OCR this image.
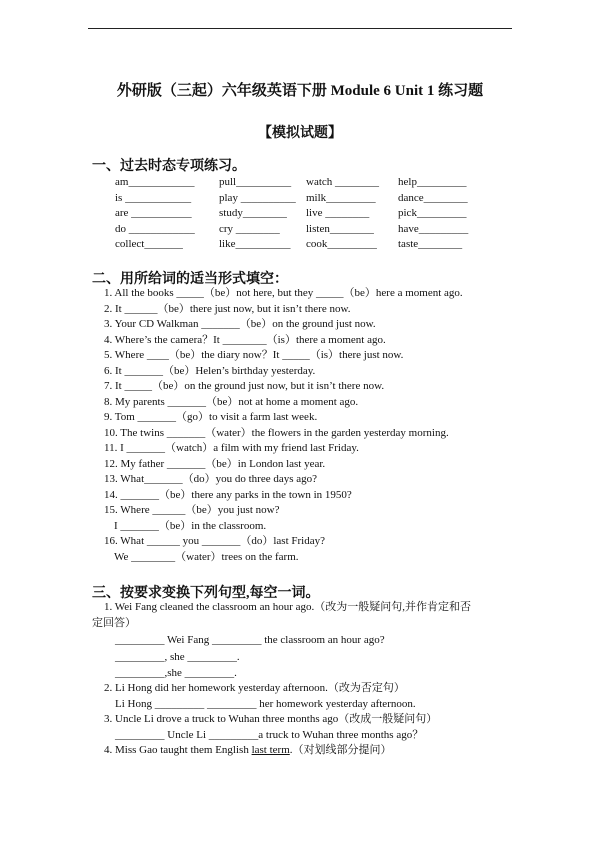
外研版（三起）六年级英语下册 Module 6 Unit 1 练习题
【模拟试题】
一、过去时态专项练习。
am____________ pull__________ watch ________ help_________
is ____________	play __________ milk_________ dance________
are ___________ study________ live ________	pick_________
do ____________ cry ________ listen________ have_________
collect_______	like__________ cook_________ taste________
二、用所给词的适当形式填空：
1. All the books _____（be）not here, but they _____（be）here a moment ago.
2. It ______（be）there just now, but it isn’t there now.
3. Your CD Walkman _______（be）on the ground just now.
4. Where’s the camera？It ________（is）there a moment ago.
5. Where ____（be）the diary now？It _____（is）there just now.
6. It _______（be）Helen’s birthday yesterday.
7. It _____（be）on the ground just now, but it isn’t there now.
8. My parents _______（be）not at home a moment ago.
9. Tom _______（go）to visit a farm last week.
10. The twins _______（water）the flowers in the garden yesterday morning.
11. I _______（watch）a film with my friend last Friday.
12. My father _______（be）in London last year.
13. What_______（do）you do three days ago?
14. _______（be）there any parks in the town in 1950?
15. Where ______（be）you just now?
I _______（be）in the classroom.
16. What ______ you _______（do）last Friday?
We ________（water）trees on the farm.
三、按要求变换下列句型,每空一词。
1. Wei Fang cleaned the classroom an hour ago.（改为一般疑问句,并作肯定和否
定回答）
_________ Wei Fang _________ the classroom an hour ago?
_________, she _________.
_________,she _________.
2. Li Hong did her homework yesterday afternoon.（改为否定句）
Li Hong _________ _________ her homework yesterday afternoon.
3. Uncle Li drove a truck to Wuhan three months ago（改成一般疑问句）
_________ Uncle Li _________a truck to Wuhan three months ago？
4. Miss Gao taught them English last term.（对划线部分提问）
